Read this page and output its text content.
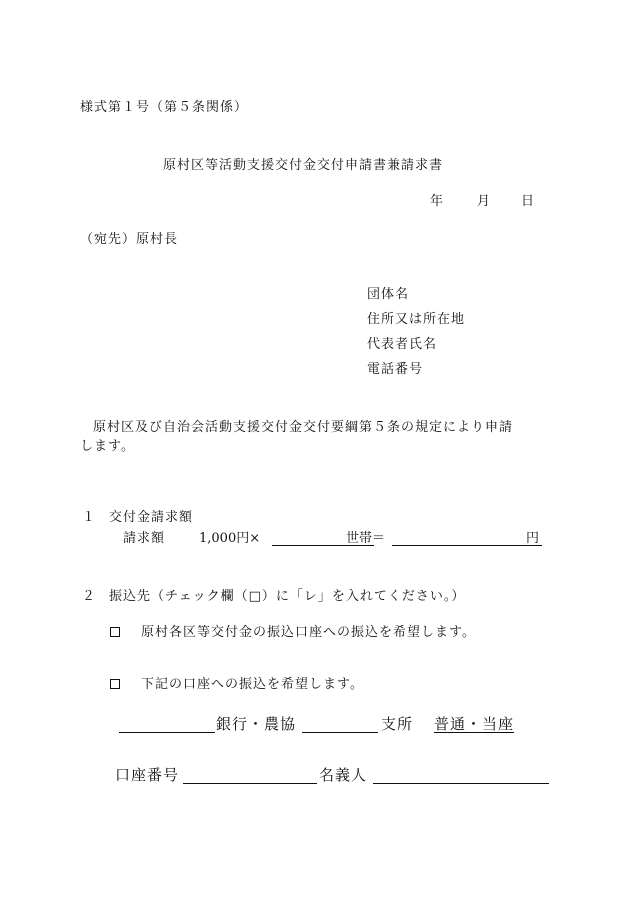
様式第１号（第５条関係）
原村区等活動支援交付金交付申請書兼請求書
年	月 日
（宛先）原村長
団体名
住所又は所在地
代表者氏名
電話番号
原村区及び自治会活動支援交付金交付要綱第５条の規定により申請
します。
１ 交付金請求額
請求額	1,000円×	世帯＝	円
２ 振込先（チェック欄（□）に「レ」を入れてください。）
原村各区等交付金の振込口座への振込を希望します。
下記の口座への振込を希望します。
銀行・農協	支所 普通・当座
口座番号	名義人
